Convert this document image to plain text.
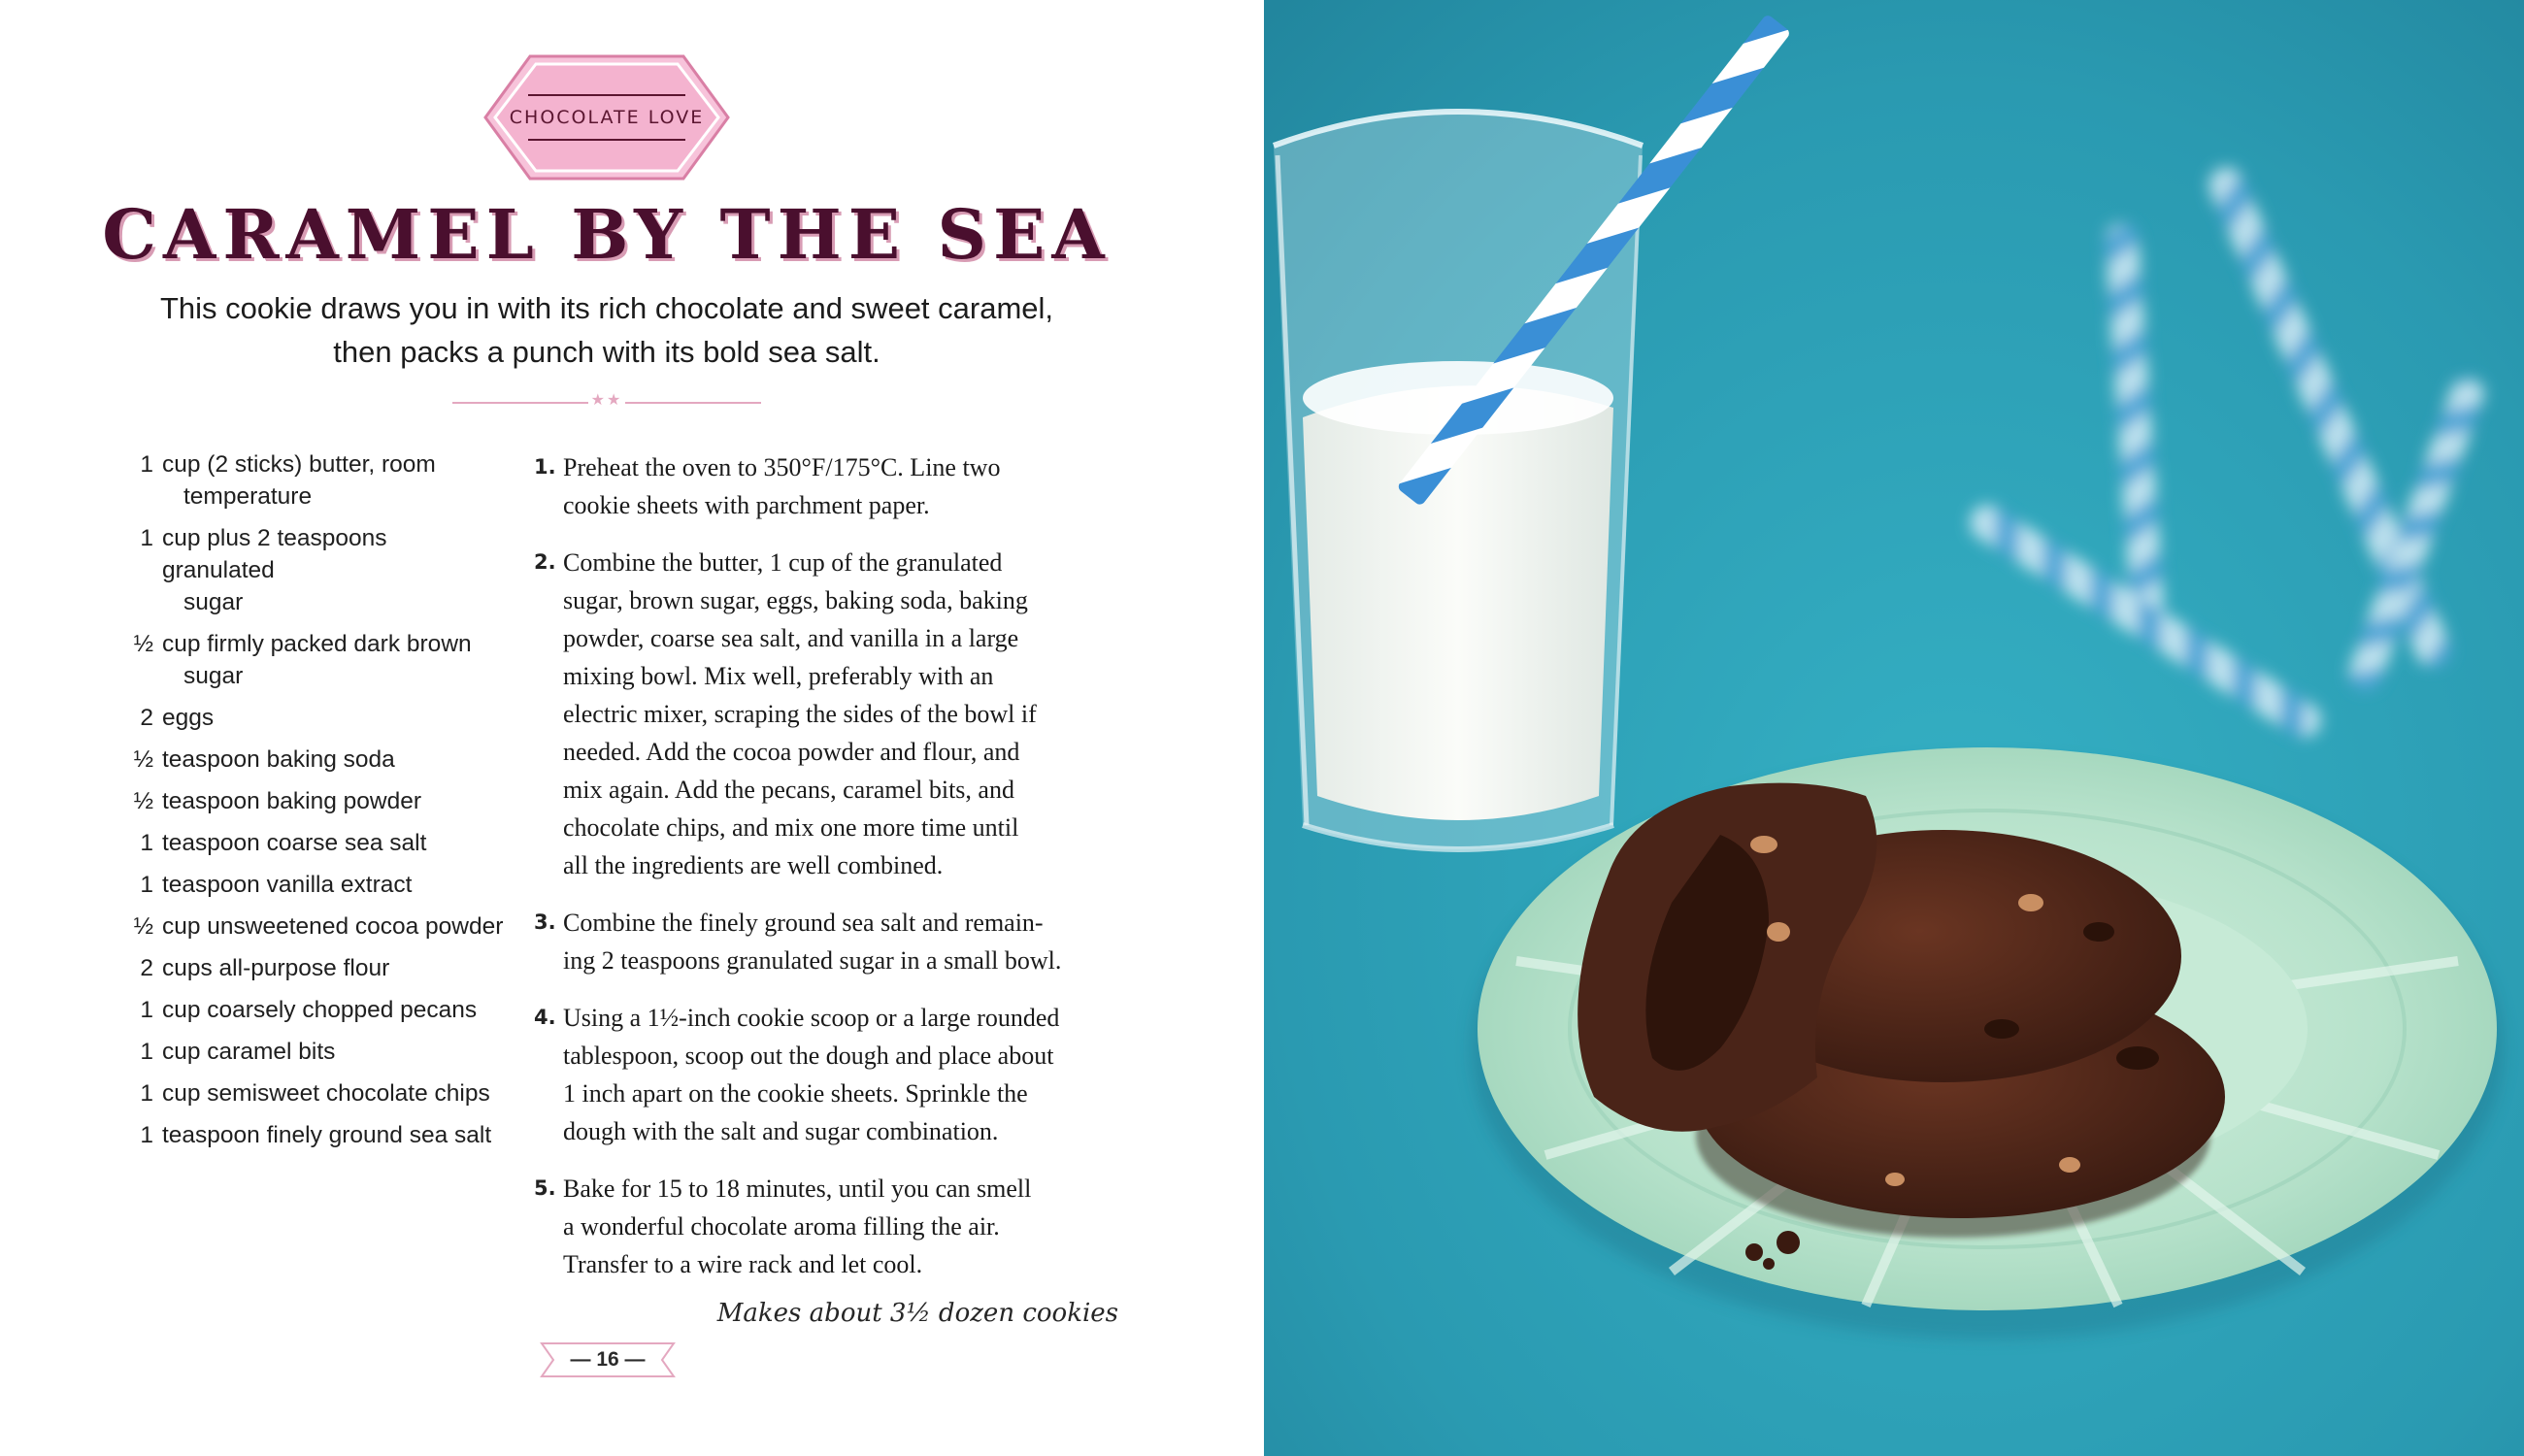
CHOCOLATE LOVE
CARAMEL BY THE SEA
This cookie draws you in with its rich chocolate and sweet caramel,
then packs a punch with its bold sea salt.
★★
1 cup (2 sticks) butter, room
temperature
1 cup plus 2 teaspoons granulated
sugar
½ cup firmly packed dark brown
sugar
2 eggs
½ teaspoon baking soda
½ teaspoon baking powder
1 teaspoon coarse sea salt
1 teaspoon vanilla extract
½ cup unsweetened cocoa powder
2 cups all-purpose flour
1 cup coarsely chopped pecans
1 cup caramel bits
1 cup semisweet chocolate chips
1 teaspoon finely ground sea salt
1. Preheat the oven to 350°F/175°C. Line two
cookie sheets with parchment paper.
2. Combine the butter, 1 cup of the granulated
sugar, brown sugar, eggs, baking soda, baking
powder, coarse sea salt, and vanilla in a large
mixing bowl. Mix well, preferably with an
electric mixer, scraping the sides of the bowl if
needed. Add the cocoa powder and flour, and
mix again. Add the pecans, caramel bits, and
chocolate chips, and mix one more time until
all the ingredients are well combined.
3. Combine the finely ground sea salt and remain-
ing 2 teaspoons granulated sugar in a small bowl.
4. Using a 1½-inch cookie scoop or a large rounded
tablespoon, scoop out the dough and place about
1 inch apart on the cookie sheets. Sprinkle the
dough with the salt and sugar combination.
5. Bake for 15 to 18 minutes, until you can smell
a wonderful chocolate aroma filling the air.
Transfer to a wire rack and let cool.
Makes about 3½ dozen cookies
— 16 —
